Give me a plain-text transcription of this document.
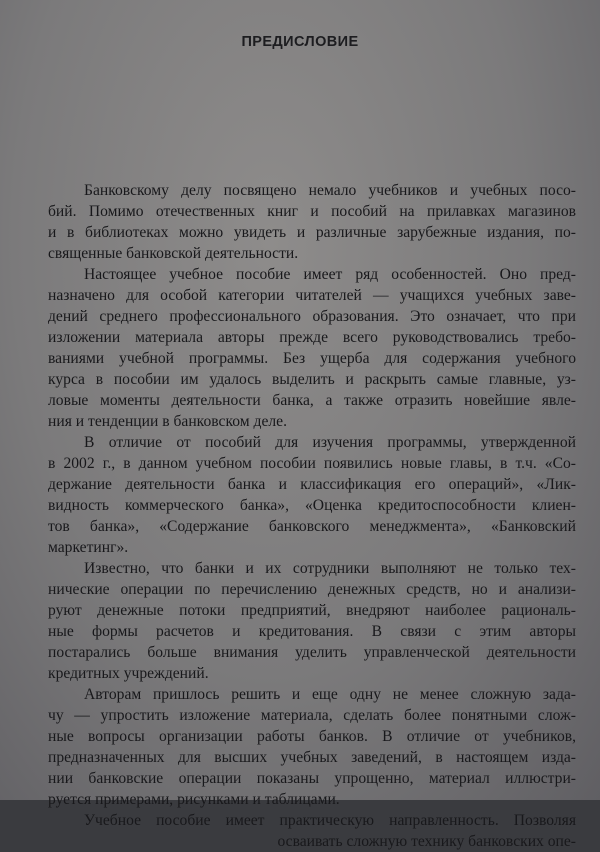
ПРЕДИСЛОВИЕ
Банковскому делу посвящено немало учебников и учебных посо-
бий. Помимо отечественных книг и пособий на прилавках магазинов
и в библиотеках можно увидеть и различные зарубежные издания, по-
священные банковской деятельности.
Настоящее учебное пособие имеет ряд особенностей. Оно пред-
назначено для особой категории читателей — учащихся учебных заве-
дений среднего профессионального образования. Это означает, что при
изложении материала авторы прежде всего руководствовались требо-
ваниями учебной программы. Без ущерба для содержания учебного
курса в пособии им удалось выделить и раскрыть самые главные, уз-
ловые моменты деятельности банка, а также отразить новейшие явле-
ния и тенденции в банковском деле.
В отличие от пособий для изучения программы, утвержденной
в 2002 г., в данном учебном пособии появились новые главы, в т.ч. «Со-
держание деятельности банка и классификация его операций», «Лик-
видность коммерческого банка», «Оценка кредитоспособности клиен-
тов банка», «Содержание банковского менеджмента», «Банковский
маркетинг».
Известно, что банки и их сотрудники выполняют не только тех-
нические операции по перечислению денежных средств, но и анализи-
руют денежные потоки предприятий, внедряют наиболее рациональ-
ные формы расчетов и кредитования. В связи с этим авторы
постарались больше внимания уделить управленческой деятельности
кредитных учреждений.
Авторам пришлось решить и еще одну не менее сложную зада-
чу — упростить изложение материала, сделать более понятными слож-
ные вопросы организации работы банков. В отличие от учебников,
предназначенных для высших учебных заведений, в настоящем изда-
нии банковские операции показаны упрощенно, материал иллюстри-
руется примерами, рисунками и таблицами.
Учебное пособие имеет практическую направленность. Позволяя
осваивать сложную технику банковских опе-
